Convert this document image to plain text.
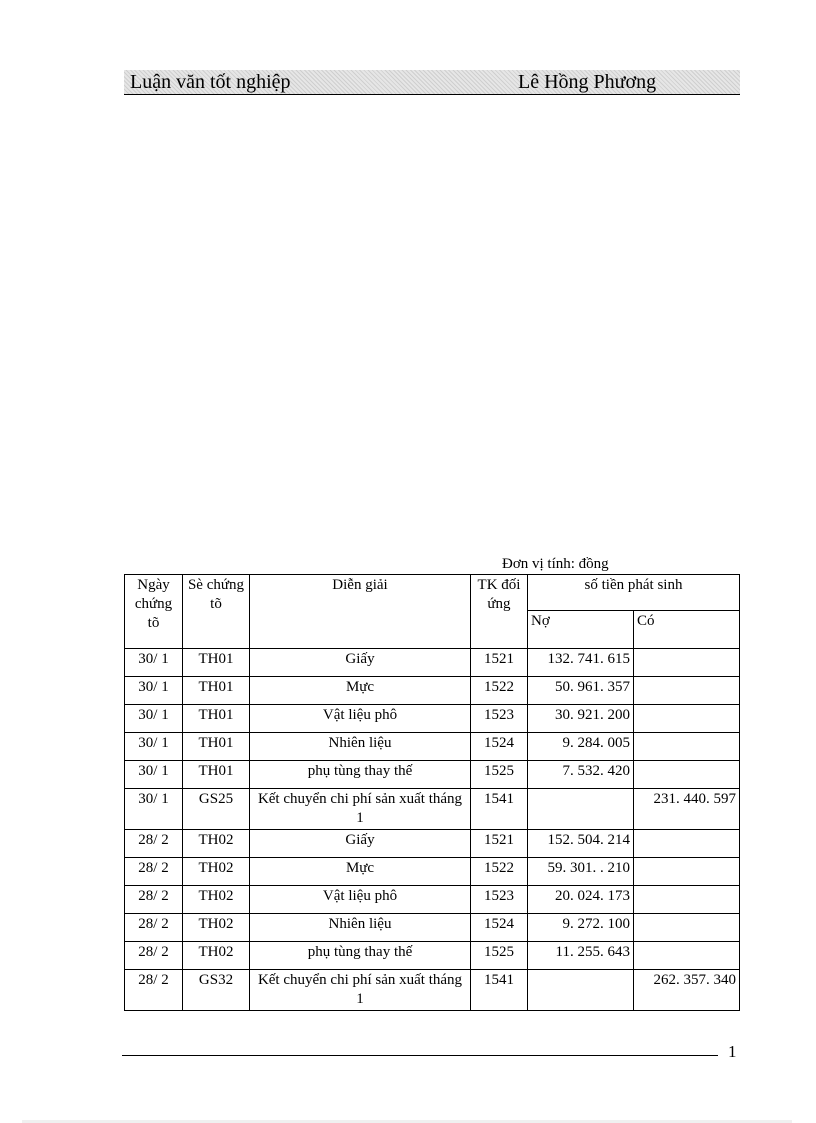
Luận văn tốt nghiệp	Lê Hồng Phương
Đơn vị tính: đồng
Ngày chứng tõ	Sè chứng tõ	Diễn giải	TK đối ứng	số tiền phát sinh	
				Nợ	Có
30/ 1	TH01	Giấy	1521	132. 741. 615	
30/ 1	TH01	Mực	1522	50. 961. 357	
30/ 1	TH01	Vật liệu phô	1523	30. 921. 200	
30/ 1	TH01	Nhiên liệu	1524	9. 284. 005	
30/ 1	TH01	phụ tùng thay thế	1525	7. 532. 420	
30/ 1	GS25	Kết chuyển chi phí sản xuất tháng 1	1541		231. 440. 597
28/ 2	TH02	Giấy	1521	152. 504. 214	
28/ 2	TH02	Mực	1522	59. 301. . 210	
28/ 2	TH02	Vật liệu phô	1523	20. 024. 173	
28/ 2	TH02	Nhiên liệu	1524	9. 272. 100	
28/ 2	TH02	phụ tùng thay thế	1525	11. 255. 643	
28/ 2	GS32	Kết chuyển chi phí sản xuất tháng 1	1541		262. 357. 340
1
